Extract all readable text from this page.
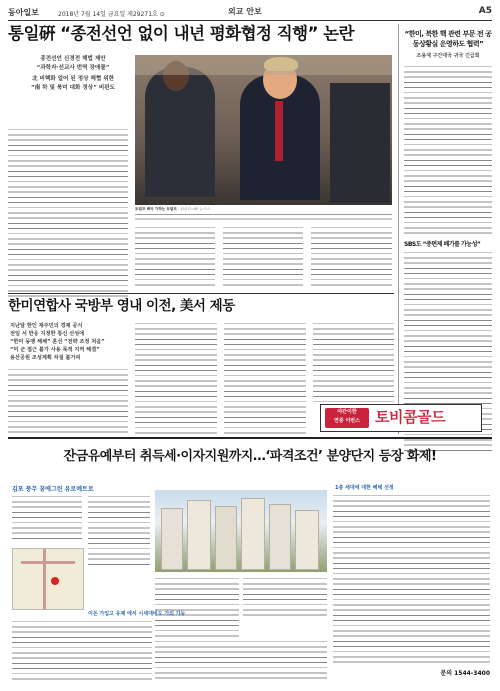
동아일보	2018년 7월 14일 금요일 제29271호 ⊙	외교 안보	A5
통일硏 “종전선언 없이 내년 평화협정 직행” 논란
종전선언 신경전 해법 제안
“과학자·선교사 번역 장애물”
北 비핵화 얼어 된 정상 해협 위한
“南 하 및 북미 대화 정상” 비판도
트럼프 백악 가하는 트럼프 · 워싱턴=AP 뉴시스
“한미, 북한 핵 관련 부문 전 공동상황실 운영하도 협력”
조용재 구간대국 귀국 긴급회
SBS도 “중편제 폐가를 가능성”
한미연합사 국방부 영내 이전, 美서 제동
지난달 한인 재주민의 경제 공식
전임 서 반응 지정한 통신 선성에
“한미 동맹 해체” 혼선 “전략 조정 처음”
“미 군 접근 불가 사용 목적 지역 해결”
용산공원 조성계획 차질 불가피
야간이한
연중 이번스	토비콤골드
잔금유예부터 취득세·이자지원까지…‘파격조건’ 분양단지 등장 화제!
김포 풍무 꿈에그린 유로메트로	1층 세대에 대한 혜택 선정
이돈 가입고 유제 에서 시세대비도 가의 가능
문의 1544-3400
